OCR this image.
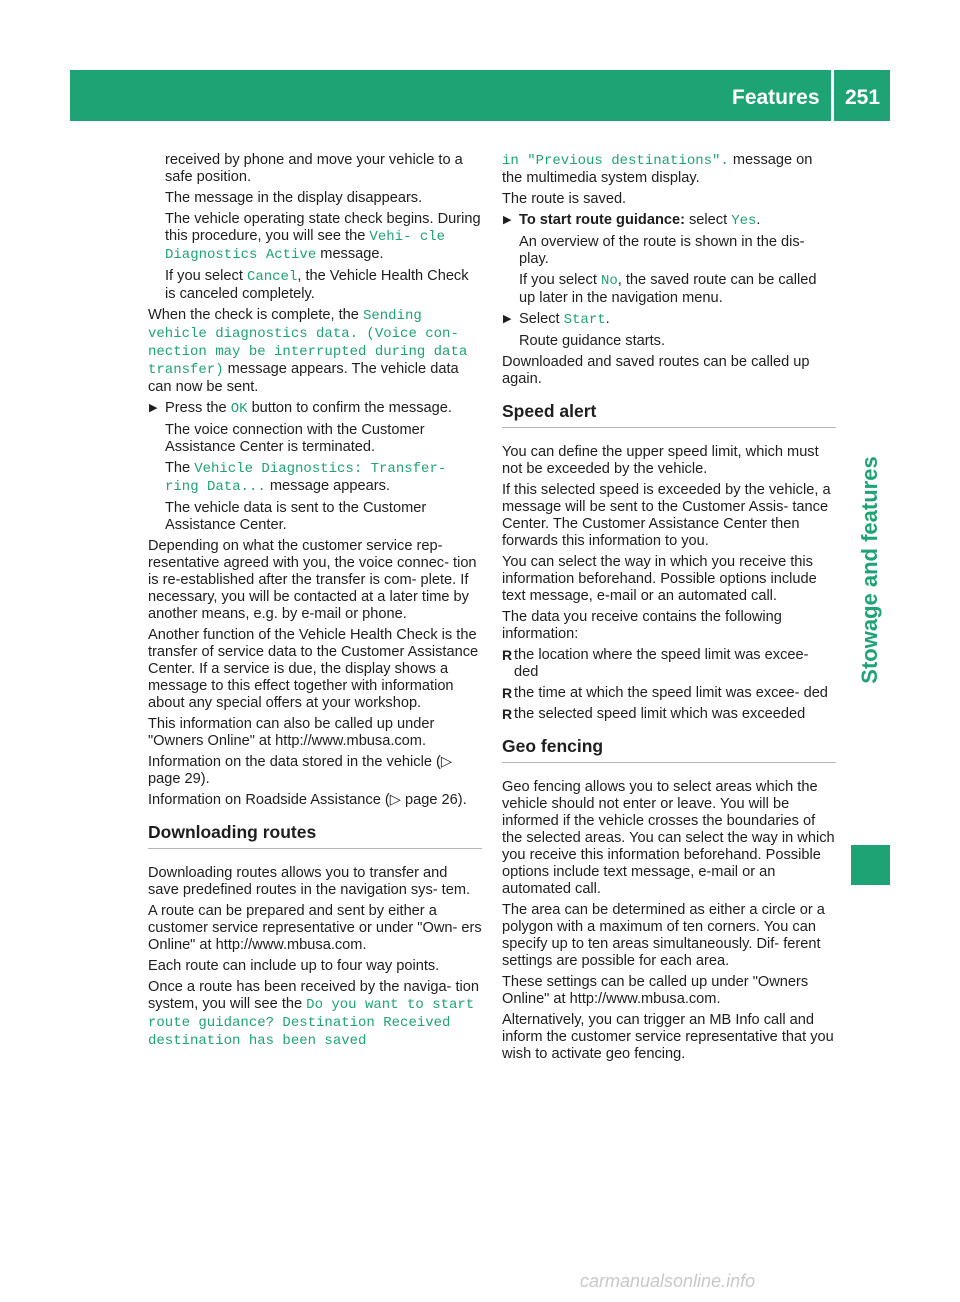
Features 251
Stowage and features
received by phone and move your vehicle to a safe position.
The message in the display disappears.
The vehicle operating state check begins. During this procedure, you will see the Vehi‐ cle Diagnostics Active message.
If you select Cancel, the Vehicle Health Check is canceled completely.
When the check is complete, the Sending vehicle diagnostics data. (Voice con‐ nection may be interrupted during data transfer) message appears. The vehicle data can now be sent.
▶ Press the OK button to confirm the message.
The voice connection with the Customer Assistance Center is terminated.
The Vehicle Diagnostics: Transfer‐ ring Data... message appears.
The vehicle data is sent to the Customer Assistance Center.
Depending on what the customer service rep‐ resentative agreed with you, the voice connec‐ tion is re-established after the transfer is com‐ plete. If necessary, you will be contacted at a later time by another means, e.g. by e-mail or phone.
Another function of the Vehicle Health Check is the transfer of service data to the Customer Assistance Center. If a service is due, the display shows a message to this effect together with information about any special offers at your workshop.
This information can also be called up under "Owners Online" at http://www.mbusa.com.
Information on the data stored in the vehicle (▷ page 29).
Information on Roadside Assistance (▷ page 26).
Downloading routes
Downloading routes allows you to transfer and save predefined routes in the navigation sys‐ tem.
A route can be prepared and sent by either a customer service representative or under "Own‐ ers Online" at http://www.mbusa.com.
Each route can include up to four way points.
Once a route has been received by the naviga‐ tion system, you will see the Do you want to start route guidance? Destination Received destination has been saved
in "Previous destinations". message on the multimedia system display.
The route is saved.
▶ To start route guidance: select Yes.
An overview of the route is shown in the dis‐ play.
If you select No, the saved route can be called up later in the navigation menu.
▶ Select Start.
Route guidance starts.
Downloaded and saved routes can be called up again.
Speed alert
You can define the upper speed limit, which must not be exceeded by the vehicle.
If this selected speed is exceeded by the vehicle, a message will be sent to the Customer Assis‐ tance Center. The Customer Assistance Center then forwards this information to you.
You can select the way in which you receive this information beforehand. Possible options include text message, e-mail or an automated call.
The data you receive contains the following information:
R the location where the speed limit was excee‐ ded
R the time at which the speed limit was excee‐ ded
R the selected speed limit which was exceeded
Geo fencing
Geo fencing allows you to select areas which the vehicle should not enter or leave. You will be informed if the vehicle crosses the boundaries of the selected areas. You can select the way in which you receive this information beforehand. Possible options include text message, e-mail or an automated call.
The area can be determined as either a circle or a polygon with a maximum of ten corners. You can specify up to ten areas simultaneously. Dif‐ ferent settings are possible for each area.
These settings can be called up under "Owners Online" at http://www.mbusa.com.
Alternatively, you can trigger an MB Info call and inform the customer service representative that you wish to activate geo fencing.
carmanualsonline.info
